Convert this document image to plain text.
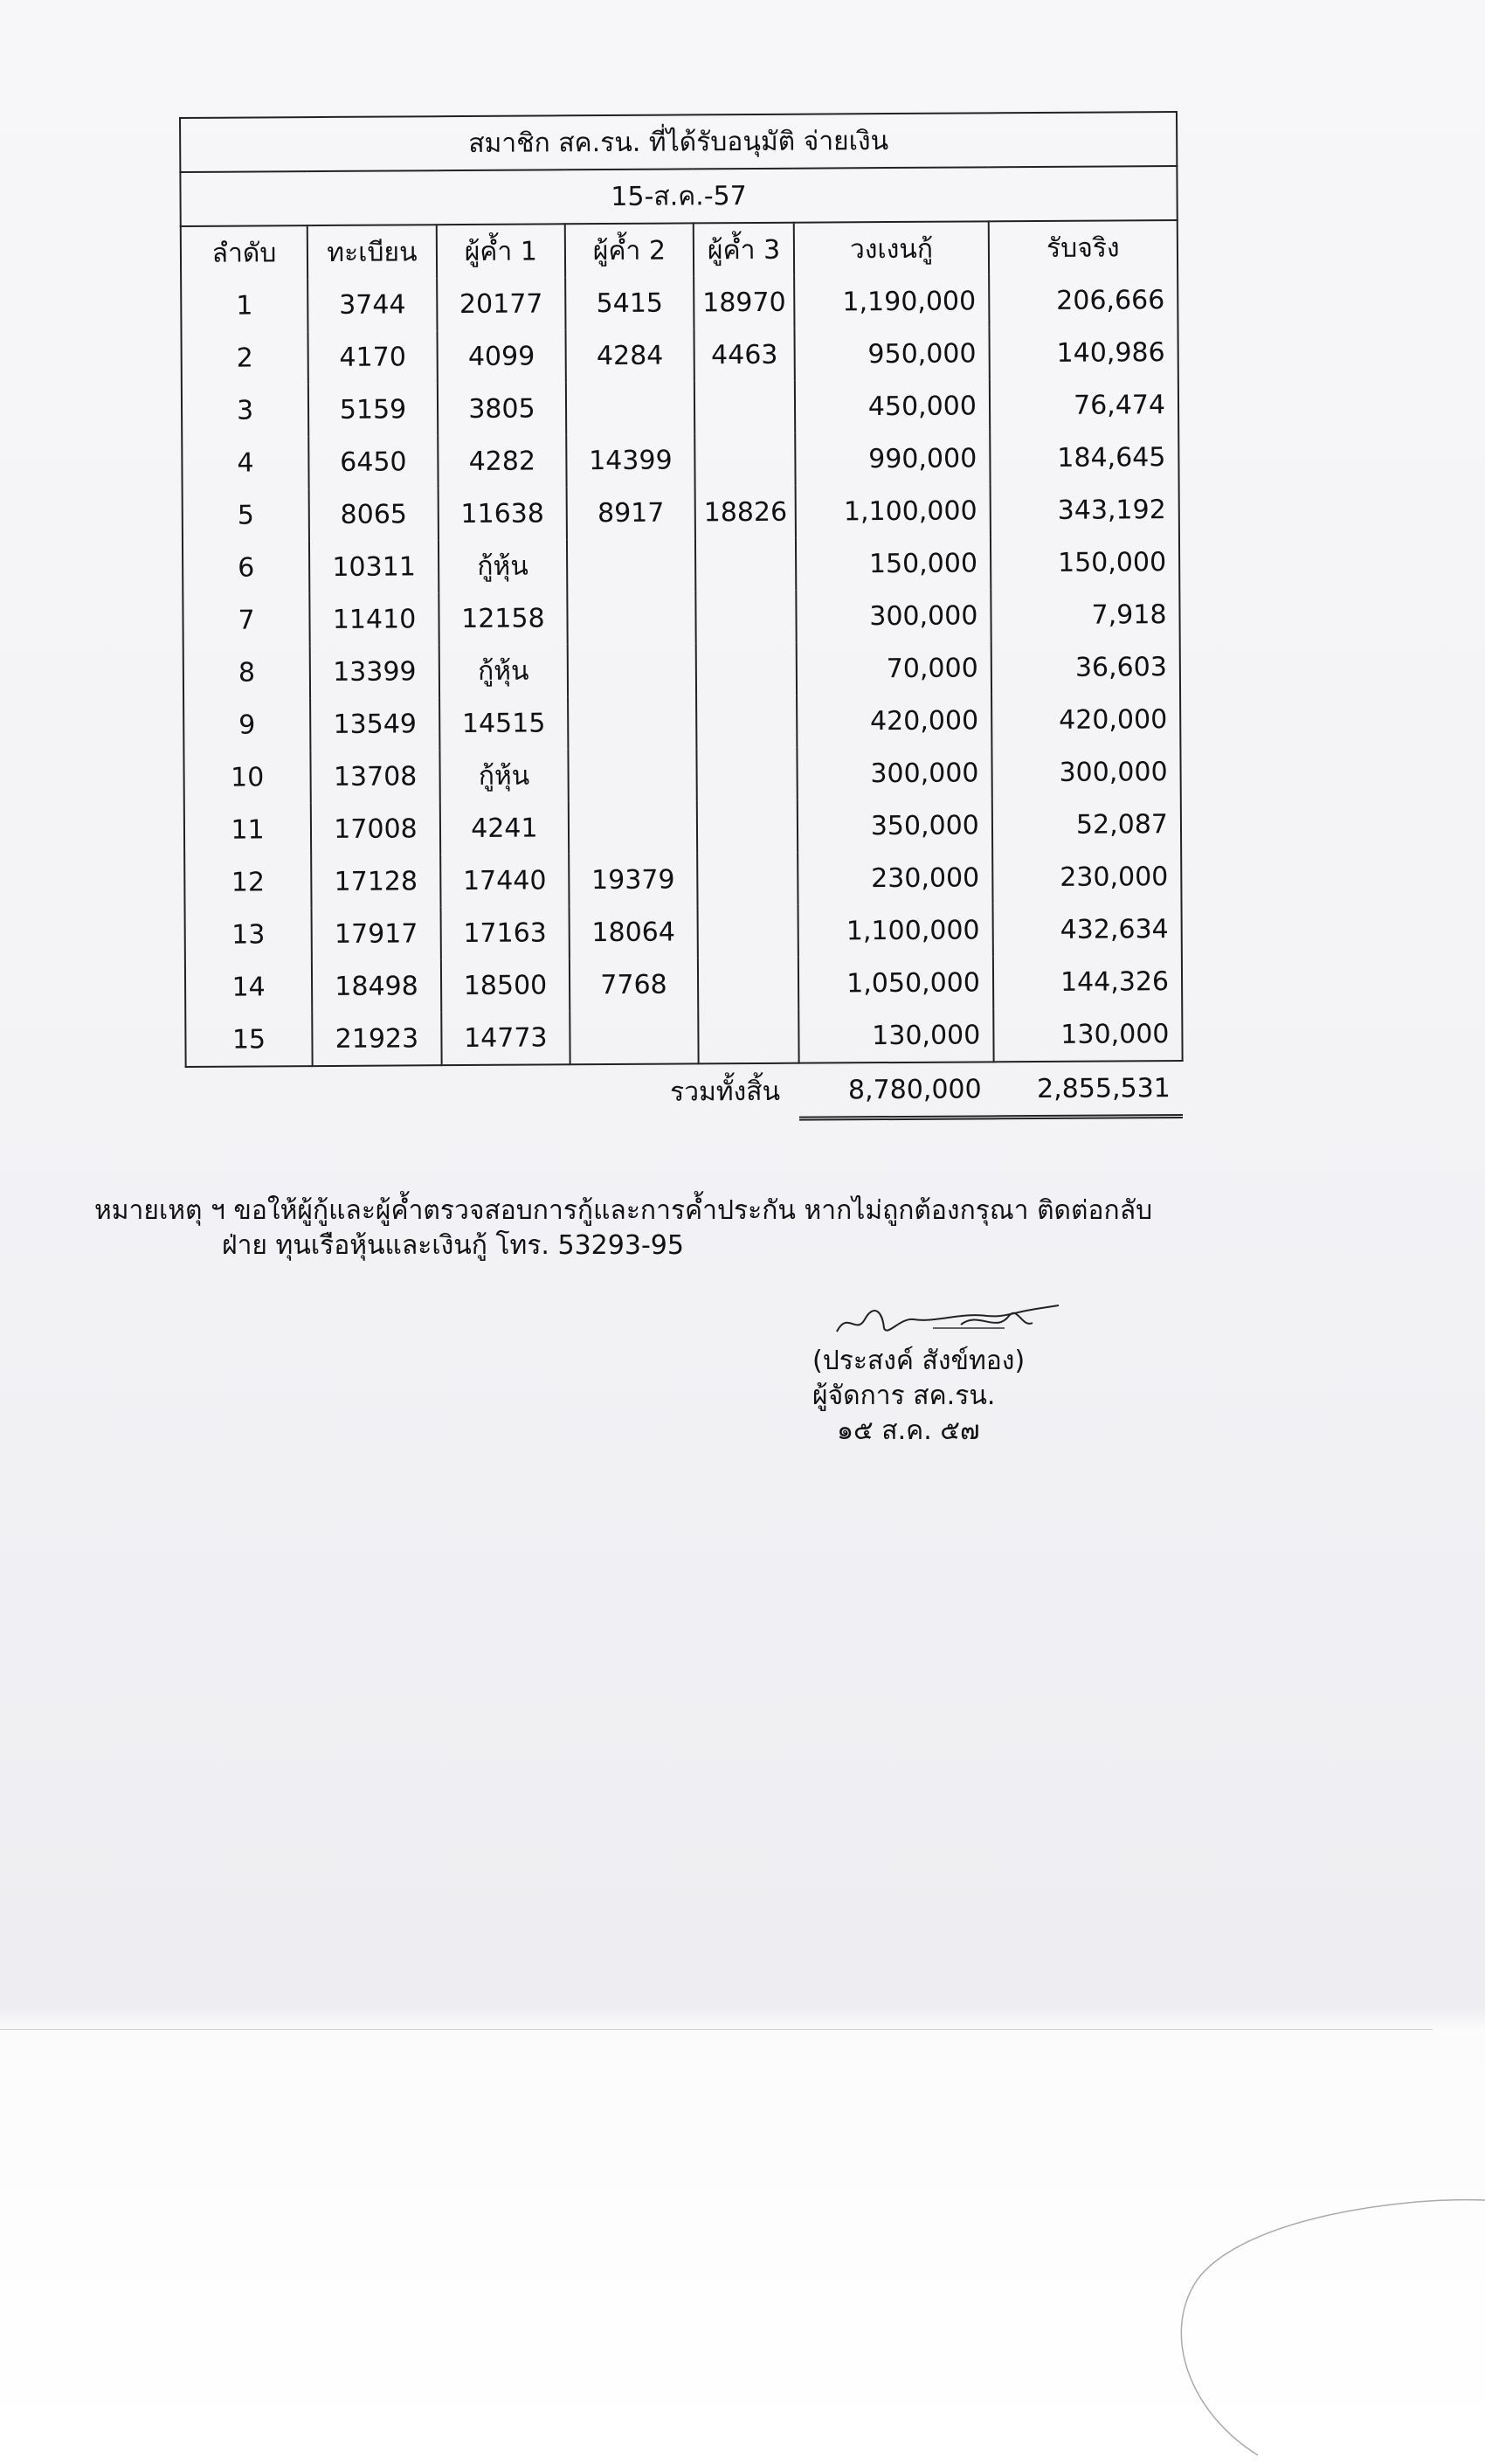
สมาชิก สค.รน. ที่ได้รับอนุมัติ จ่ายเงิน						
15-ส.ค.-57						
ลำดับ	ทะเบียน	ผู้ค้ำ 1	ผู้ค้ำ 2	ผู้ค้ำ 3	วงเงนกู้	รับจริง
1	3744	20177	5415	18970	1,190,000	206,666
2	4170	4099	4284	4463	950,000	140,986
3	5159	3805			450,000	76,474
4	6450	4282	14399		990,000	184,645
5	8065	11638	8917	18826	1,100,000	343,192
6	10311	กู้หุ้น			150,000	150,000
7	11410	12158			300,000	7,918
8	13399	กู้หุ้น			70,000	36,603
9	13549	14515			420,000	420,000
10	13708	กู้หุ้น			300,000	300,000
11	17008	4241			350,000	52,087
12	17128	17440	19379		230,000	230,000
13	17917	17163	18064		1,100,000	432,634
14	18498	18500	7768		1,050,000	144,326
15	21923	14773			130,000	130,000
รวมทั้งสิ้น					8,780,000	2,855,531
หมายเหตุ ฯ ขอให้ผู้กู้และผู้ค้ำตรวจสอบการกู้และการค้ำประกัน หากไม่ถูกต้องกรุณา ติดต่อกลับ
ฝ่าย ทุนเรือหุ้นและเงินกู้ โทร. 53293-95
(ประสงค์ สังข์ทอง)
ผู้จัดการ สค.รน.
๑๕ ส.ค. ๕๗
